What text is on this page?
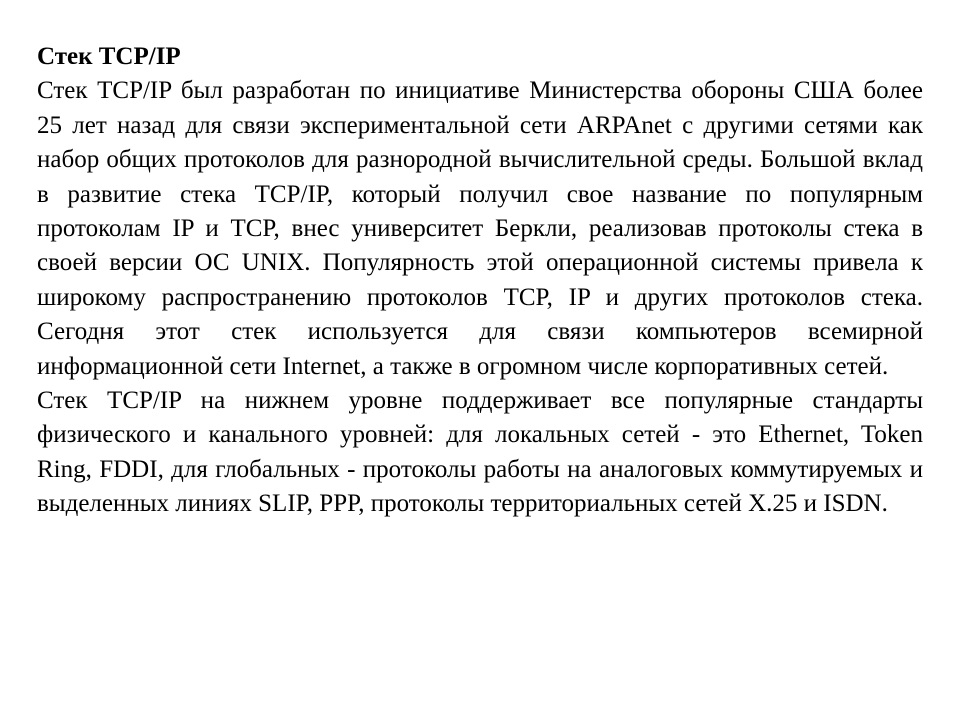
Стек TCP/IP

Стек TCP/IP был разработан по инициативе Министерства обороны США более 25 лет назад для связи экспериментальной сети ARPAnet с другими сетями как набор общих протоколов для разнородной вычислительной среды. Большой вклад в развитие стека TCP/IP, который получил свое название по популярным протоколам IP и TCP, внес университет Беркли, реализовав протоколы стека в своей версии ОС UNIX. Популярность этой операционной системы привела к широкому распространению протоколов TCP, IP и других протоколов стека. Сегодня этот стек используется для связи компьютеров всемирной информационной сети Internet, а также в огромном числе корпоративных сетей.

Стек TCP/IP на нижнем уровне поддерживает все популярные стандарты физического и канального уровней: для локальных сетей - это Ethernet, Token Ring, FDDI, для глобальных - протоколы работы на аналоговых коммутируемых и выделенных линиях SLIP, PPP, протоколы территориальных сетей X.25 и ISDN.
